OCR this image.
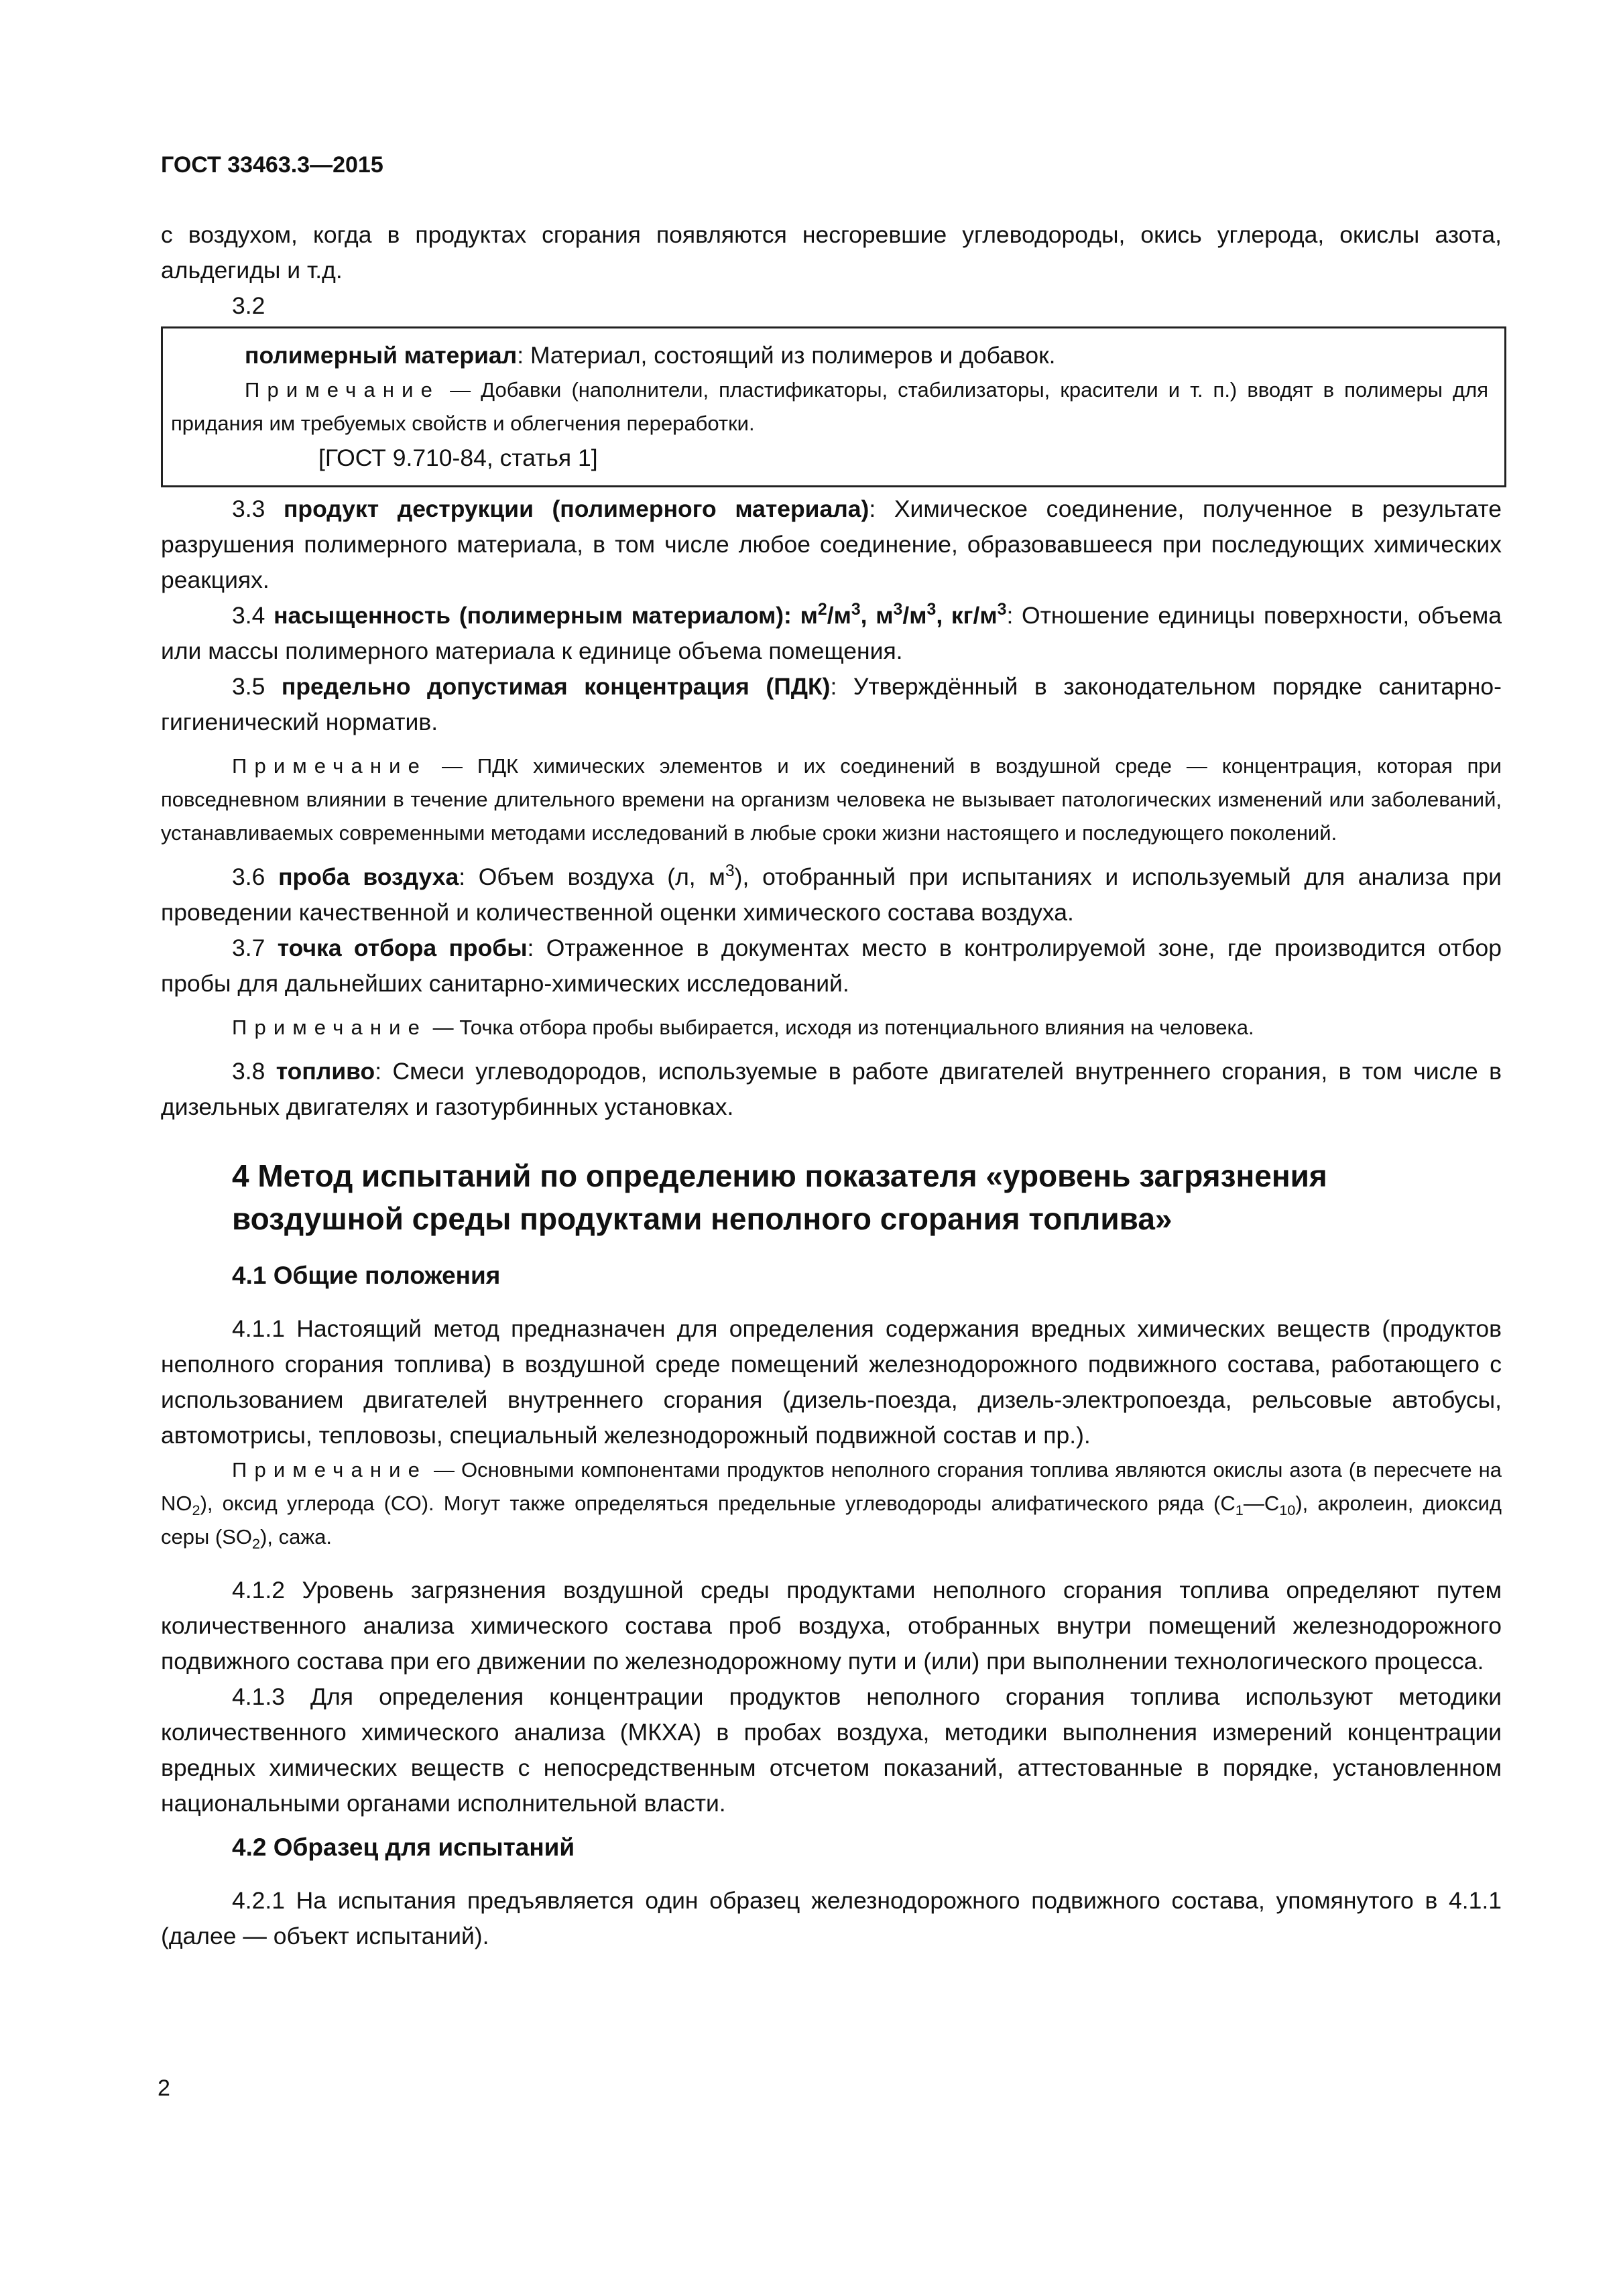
ГОСТ 33463.3—2015

с воздухом, когда в продуктах сгорания появляются несгоревшие углеводороды, окись углерода, окислы азота, альдегиды и т.д.

3.2

полимерный материал: Материал, состоящий из полимеров и добавок.

Примечание — Добавки (наполнители, пластификаторы, стабилизаторы, красители и т. п.) вводят в полимеры для придания им требуемых свойств и облегчения переработки.

[ГОСТ 9.710-84, статья 1]

3.3 продукт деструкции (полимерного материала): Химическое соединение, полученное в результате разрушения полимерного материала, в том числе любое соединение, образовавшееся при последующих химических реакциях.

3.4 насыщенность (полимерным материалом): $м^2/м^3$, $м^3/м^3$, $кг/м^3$: Отношение единицы поверхности, объема или массы полимерного материала к единице объема помещения.

3.5 предельно допустимая концентрация (ПДК): Утверждённый в законодательном порядке санитарно-гигиенический норматив.

Примечание — ПДК химических элементов и их соединений в воздушной среде — концентрация, которая при повседневном влиянии в течение длительного времени на организм человека не вызывает патологических изменений или заболеваний, устанавливаемых современными методами исследований в любые сроки жизни настоящего и последующего поколений.

3.6 проба воздуха: Объем воздуха (л, $м^3$), отобранный при испытаниях и используемый для анализа при проведении качественной и количественной оценки химического состава воздуха.

3.7 точка отбора пробы: Отраженное в документах место в контролируемой зоне, где производится отбор пробы для дальнейших санитарно-химических исследований.

Примечание — Точка отбора пробы выбирается, исходя из потенциального влияния на человека.

3.8 топливо: Смеси углеводородов, используемые в работе двигателей внутреннего сгорания, в том числе в дизельных двигателях и газотурбинных установках.

4 Метод испытаний по определению показателя «уровень загрязнения воздушной среды продуктами неполного сгорания топлива»
4.1 Общие положения

4.1.1 Настоящий метод предназначен для определения содержания вредных химических веществ (продуктов неполного сгорания топлива) в воздушной среде помещений железнодорожного подвижного состава, работающего с использованием двигателей внутреннего сгорания (дизель-поезда, дизель-электропоезда, рельсовые автобусы, автомотрисы, тепловозы, специальный железнодорожный подвижной состав и пр.).

Примечание — Основными компонентами продуктов неполного сгорания топлива являются окислы азота (в пересчете на $NO_2$), оксид углерода (СО). Могут также определяться предельные углеводороды алифатического ряда $(С_1—С_{10})$, акролеин, диоксид серы $(SO_2)$, сажа.

4.1.2 Уровень загрязнения воздушной среды продуктами неполного сгорания топлива определяют путем количественного анализа химического состава проб воздуха, отобранных внутри помещений железнодорожного подвижного состава при его движении по железнодорожному пути и (или) при выполнении технологического процесса.

4.1.3 Для определения концентрации продуктов неполного сгорания топлива используют методики количественного химического анализа (МКХА) в пробах воздуха, методики выполнения измерений концентрации вредных химических веществ с непосредственным отсчетом показаний, аттестованные в порядке, установленном национальными органами исполнительной власти.

4.2 Образец для испытаний

4.2.1 На испытания предъявляется один образец железнодорожного подвижного состава, упомянутого в 4.1.1 (далее — объект испытаний).

2
